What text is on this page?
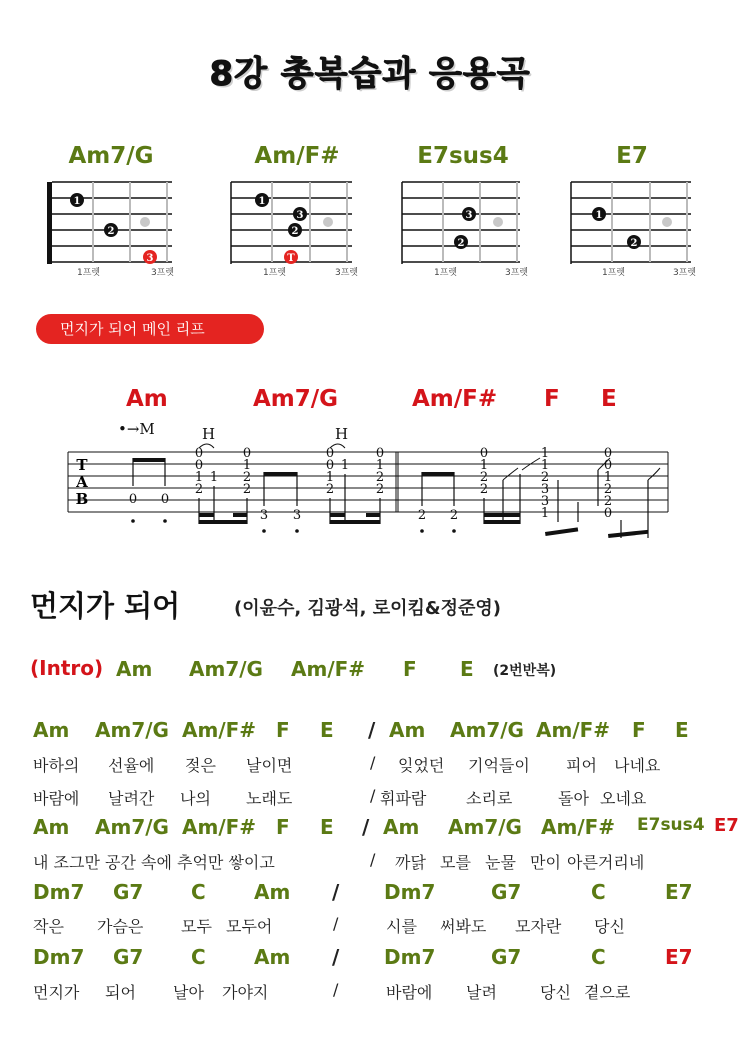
8강 총복습과 응용곡
Am7/G	Am/F#	E7sus4	E7
1
2
3
1
3
2
T
3
2
1
2
1프렛	3프렛	1프렛	3프렛	1프렛	3프렛	1프렛	3프렛
먼지가 되어 메인 리프
Am	Am7/G	Am/F# F E
•→M	H	H
T
A
B	0 0
0
0
1
2
1
0
1
2
2
3 3
0
0
1
2
1
0
1
2
2
2 2
0
1
2
2
1
1
2
3
3
1
0
0
1
2
2
0
먼지가 되어	(이윤수, 김광석, 로이킴&정준영)
(Intro) Am Am7/G Am/F# F E (2번반복)
Am Am7/G Am/F# F E / Am Am7/G Am/F# F E
바하의 선율에 젖은 날이면	/ 잊었던 기억들이 피어 나네요
바람에 날려간 나의 노래도	/ 휘파람 소리로	돌아 오네요
Am Am7/G Am/F# F E / Am Am7/G Am/F# E7sus4 E7
내 조그만 공간 속에 추억만 쌓이고	/ 까닭 모를 눈물 만이 아른거리네
Dm7 G7 C Am / Dm7	G7	C	E7
작은 가슴은 모두 모두어	/	시를 써봐도 모자란 당신
Dm7 G7 C Am / Dm7	G7	C	E7
먼지가 되어 날아 가야지	/	바람에 날려	당신 곁으로
